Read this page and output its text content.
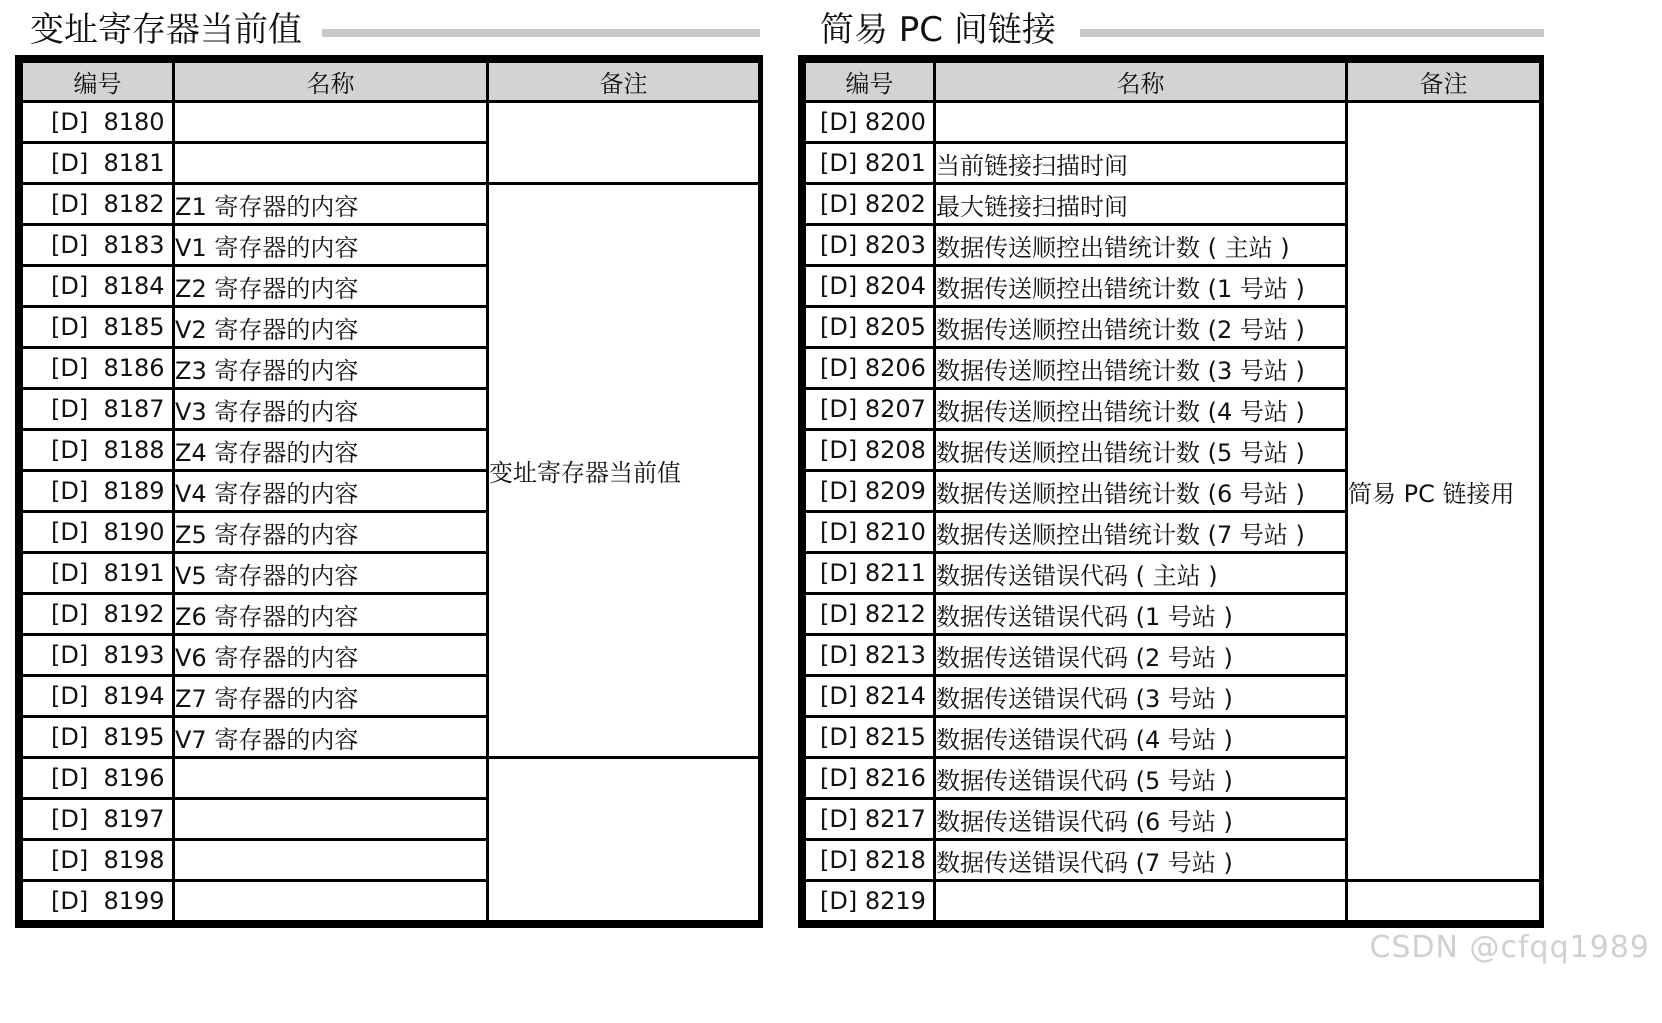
变址寄存器当前值
编号	名称	备注
[D]  8180		
[D]  8181		
[D]  8182	Z1 寄存器的内容	变址寄存器当前值
[D]  8183	V1 寄存器的内容	
[D]  8184	Z2 寄存器的内容	
[D]  8185	V2 寄存器的内容	
[D]  8186	Z3 寄存器的内容	
[D]  8187	V3 寄存器的内容	
[D]  8188	Z4 寄存器的内容	
[D]  8189	V4 寄存器的内容	
[D]  8190	Z5 寄存器的内容	
[D]  8191	V5 寄存器的内容	
[D]  8192	Z6 寄存器的内容	
[D]  8193	V6 寄存器的内容	
[D]  8194	Z7 寄存器的内容	
[D]  8195	V7 寄存器的内容	
[D]  8196		
[D]  8197		
[D]  8198		
[D]  8199		
简易 PC 间链接
编号	名称	备注
[D] 8200		简易 PC 链接用
[D] 8201	当前链接扫描时间	
[D] 8202	最大链接扫描时间	
[D] 8203	数据传送顺控出错统计数 ( 主站 )	
[D] 8204	数据传送顺控出错统计数 (1 号站 )	
[D] 8205	数据传送顺控出错统计数 (2 号站 )	
[D] 8206	数据传送顺控出错统计数 (3 号站 )	
[D] 8207	数据传送顺控出错统计数 (4 号站 )	
[D] 8208	数据传送顺控出错统计数 (5 号站 )	
[D] 8209	数据传送顺控出错统计数 (6 号站 )	
[D] 8210	数据传送顺控出错统计数 (7 号站 )	
[D] 8211	数据传送错误代码 ( 主站 )	
[D] 8212	数据传送错误代码 (1 号站 )	
[D] 8213	数据传送错误代码 (2 号站 )	
[D] 8214	数据传送错误代码 (3 号站 )	
[D] 8215	数据传送错误代码 (4 号站 )	
[D] 8216	数据传送错误代码 (5 号站 )	
[D] 8217	数据传送错误代码 (6 号站 )	
[D] 8218	数据传送错误代码 (7 号站 )	
[D] 8219		
CSDN @cfqq1989
